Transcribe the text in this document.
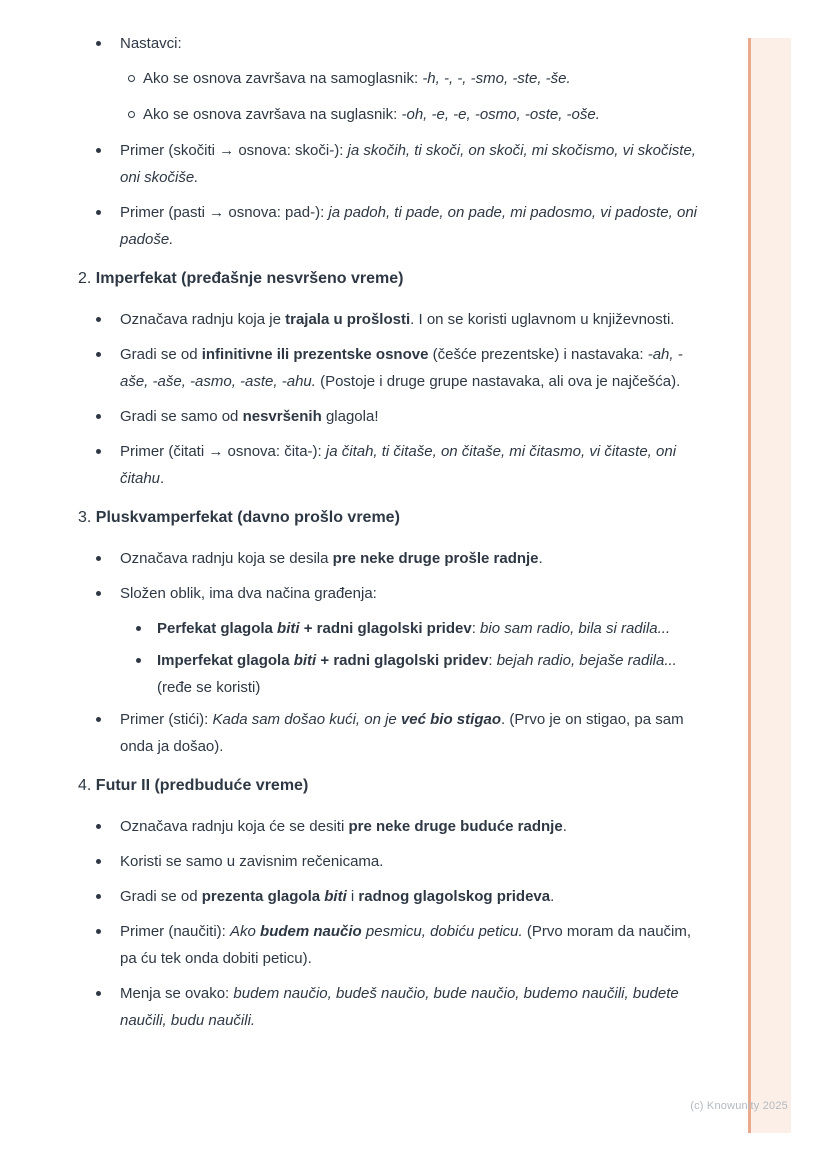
Nastavci:
Ako se osnova završava na samoglasnik: -h, -, -, -smo, -ste, -še.
Ako se osnova završava na suglasnik: -oh, -e, -e, -osmo, -oste, -oše.
Primer (skočiti → osnova: skoči-): ja skočih, ti skoči, on skoči, mi skočismo, vi skočiste, oni skočiše.
Primer (pasti → osnova: pad-): ja padoh, ti pade, on pade, mi padosmo, vi padoste, oni padoše.
2. Imperfekat (pređašnje nesvršeno vreme)
Označava radnju koja je trajala u prošlosti. I on se koristi uglavnom u književnosti.
Gradi se od infinitivne ili prezentske osnove (češće prezentske) i nastavaka: -ah, -aše, -aše, -asmo, -aste, -ahu. (Postoje i druge grupe nastavaka, ali ova je najčešća).
Gradi se samo od nesvršenih glagola!
Primer (čitati → osnova: čita-): ja čitah, ti čitaše, on čitaše, mi čitasmo, vi čitaste, oni čitahu.
3. Pluskvamperfekat (davno prošlo vreme)
Označava radnju koja se desila pre neke druge prošle radnje.
Složen oblik, ima dva načina građenja:
Perfekat glagola biti + radni glagolski pridev: bio sam radio, bila si radila...
Imperfekat glagola biti + radni glagolski pridev: bejah radio, bejaše radila... (ređe se koristi)
Primer (stići): Kada sam došao kući, on je već bio stigao. (Prvo je on stigao, pa sam onda ja došao).
4. Futur II (predbuduće vreme)
Označava radnju koja će se desiti pre neke druge buduće radnje.
Koristi se samo u zavisnim rečenicama.
Gradi se od prezenta glagola biti i radnog glagolskog prideva.
Primer (naučiti): Ako budem naučio pesmicu, dobiću peticu. (Prvo moram da naučim, pa ću tek onda dobiti peticu).
Menja se ovako: budem naučio, budeš naučio, bude naučio, budemo naučili, budete naučili, budu naučili.
(c) Knowunity 2025
